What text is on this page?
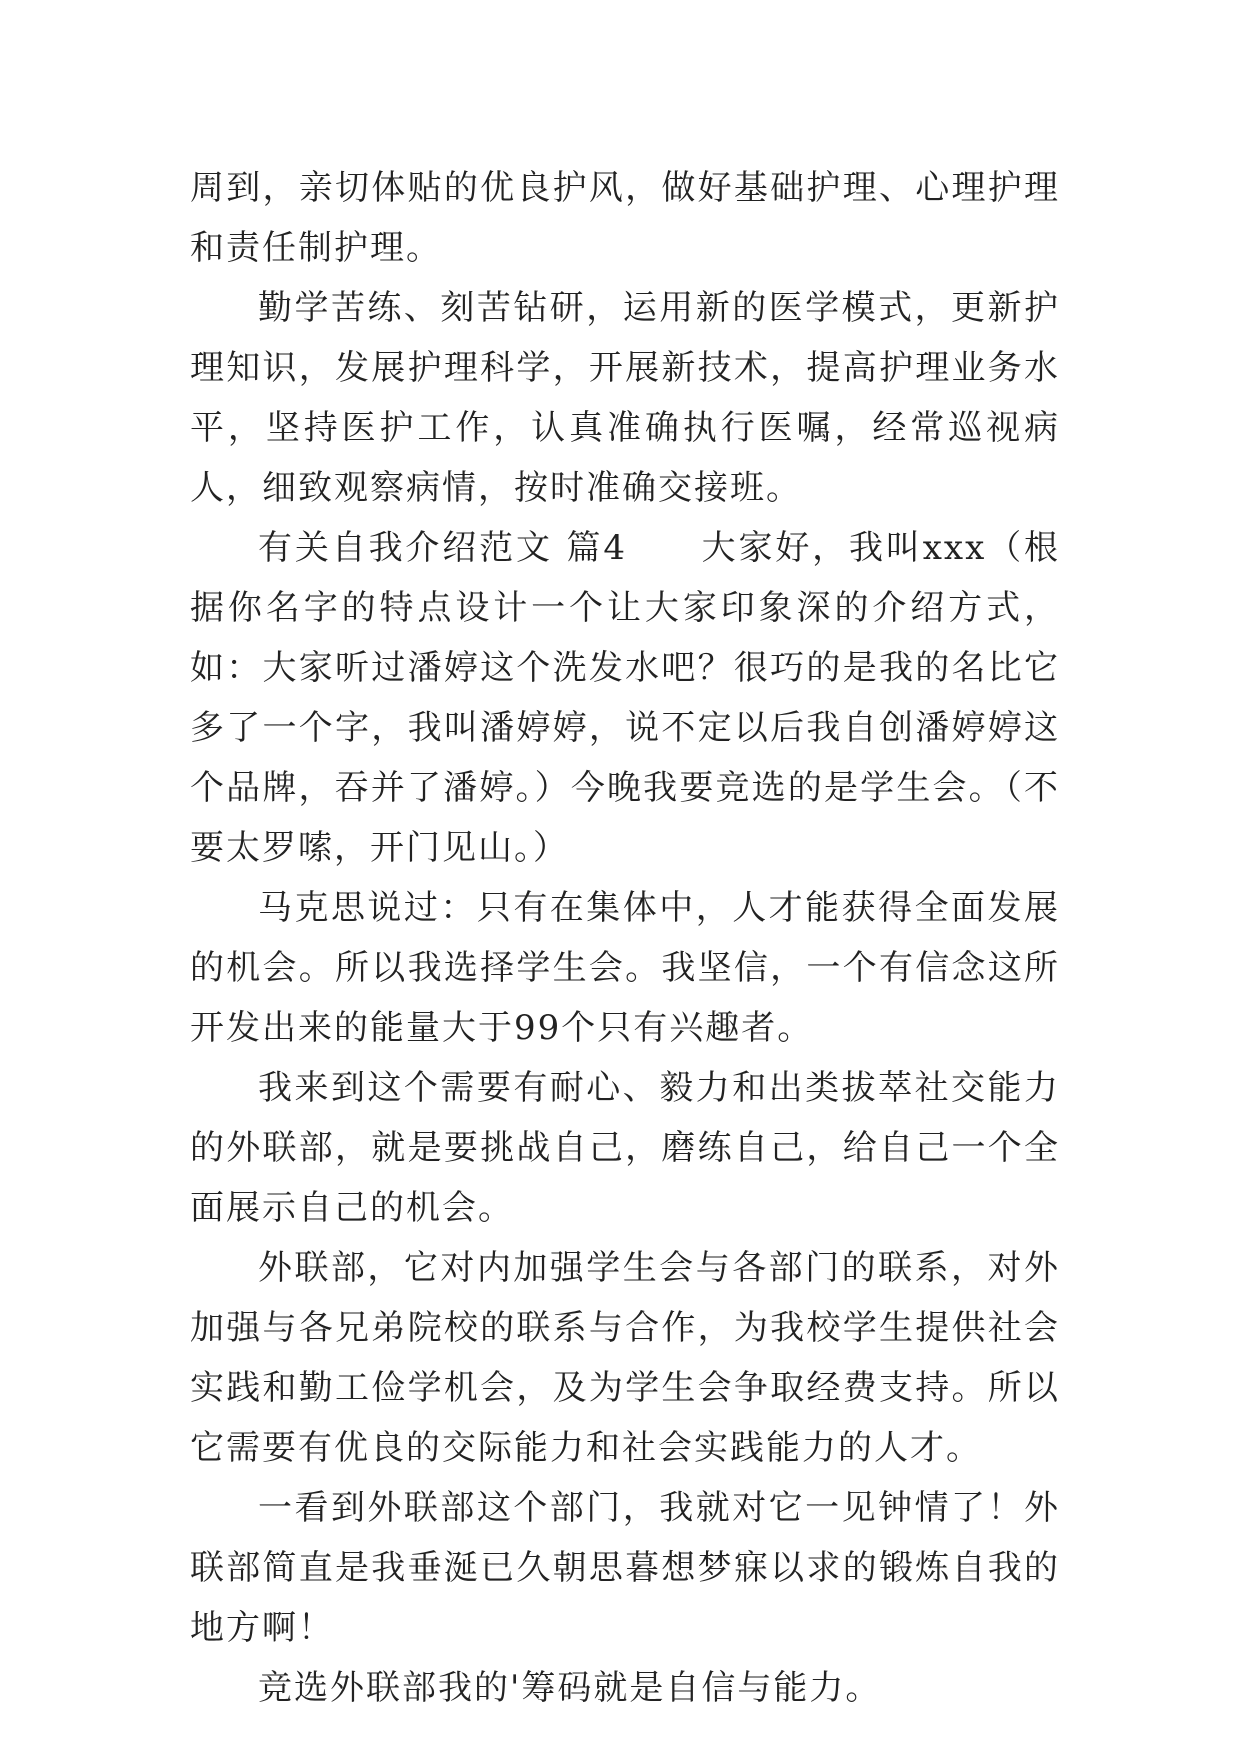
周到，亲切体贴的优良护风，做好基础护理、心理护理和责任制护理。

勤学苦练、刻苦钻研，运用新的医学模式，更新护理知识，发展护理科学，开展新技术，提高护理业务水平，坚持医护工作，认真准确执行医嘱，经常巡视病人，细致观察病情，按时准确交接班。

有关自我介绍范文 篇4　　大家好，我叫xxx（根据你名字的特点设计一个让大家印象深的介绍方式，如：大家听过潘婷这个洗发水吧？很巧的是我的名比它多了一个字，我叫潘婷婷，说不定以后我自创潘婷婷这个品牌，吞并了潘婷。）今晚我要竞选的是学生会。（不要太罗嗦，开门见山。）

马克思说过：只有在集体中，人才能获得全面发展的机会。所以我选择学生会。我坚信，一个有信念这所开发出来的能量大于99个只有兴趣者。

我来到这个需要有耐心、毅力和出类拔萃社交能力的外联部，就是要挑战自己，磨练自己，给自己一个全面展示自己的机会。

外联部，它对内加强学生会与各部门的联系，对外加强与各兄弟院校的联系与合作，为我校学生提供社会实践和勤工俭学机会，及为学生会争取经费支持。所以它需要有优良的交际能力和社会实践能力的人才。

一看到外联部这个部门，我就对它一见钟情了！外联部简直是我垂涎已久朝思暮想梦寐以求的锻炼自我的地方啊！

竞选外联部我的'筹码就是自信与能力。
